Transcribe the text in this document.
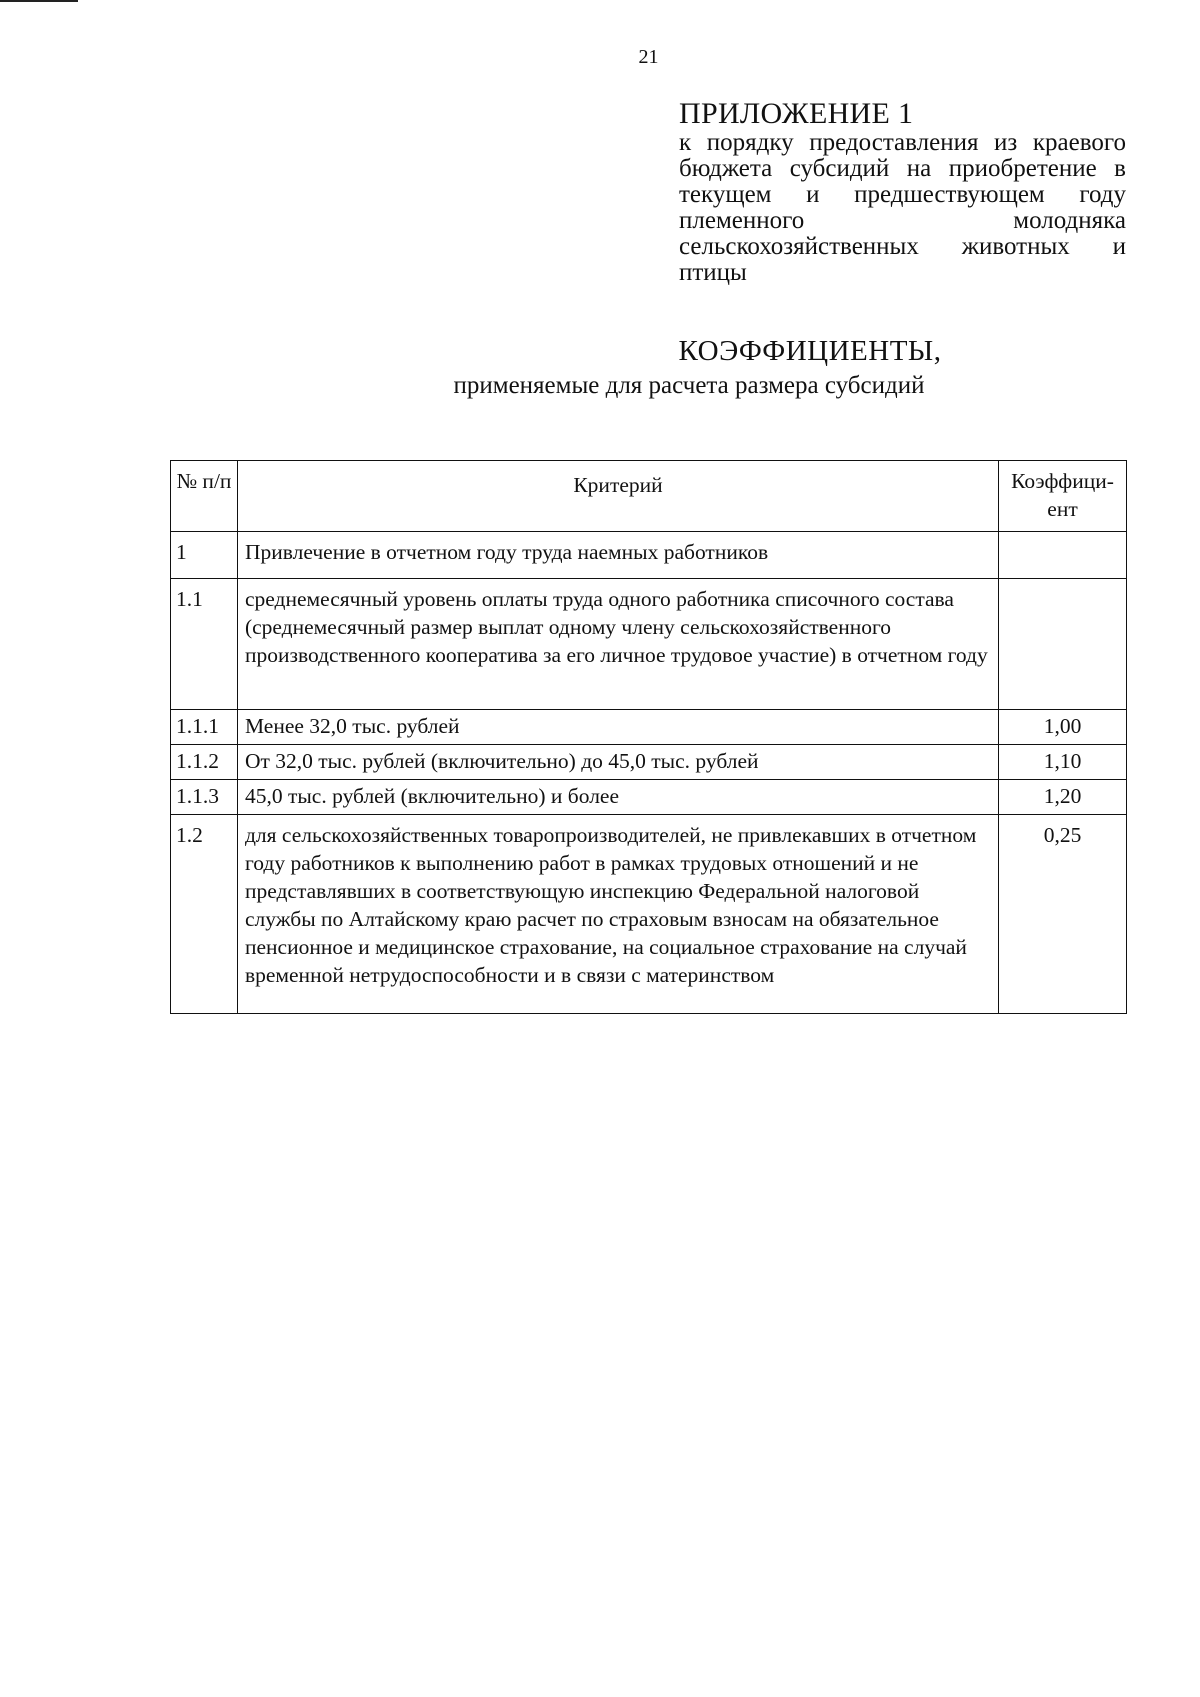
21
ПРИЛОЖЕНИЕ 1
к порядку предоставления из краевого бюджета субсидий на приобретение в текущем и предшествующем году племенного молодняка сельскохозяйственных животных и птицы
КОЭФФИЦИЕНТЫ,
применяемые для расчета размера субсидий
№ п/п	Критерий	Коэффици-ент
1	Привлечение в отчетном году труда наемных работников	
1.1	среднемесячный уровень оплаты труда одного работника списочного состава (среднемесячный размер выплат одному члену сельскохозяйственного производственного кооператива за его личное трудовое участие) в отчетном году	
1.1.1	Менее 32,0 тыс. рублей	1,00
1.1.2	От 32,0 тыс. рублей (включительно) до 45,0 тыс. рублей	1,10
1.1.3	45,0 тыс. рублей (включительно) и более	1,20
1.2	для сельскохозяйственных товаропроизводителей, не привлекавших в отчетном году работников к выполнению работ в рамках трудовых отношений и не представлявших в соответствующую инспекцию Федеральной налоговой службы по Алтайскому краю расчет по страховым взносам на обязательное пенсионное и медицинское страхование, на социальное страхование на случай временной нетрудоспособности и в связи с материнством	0,25
